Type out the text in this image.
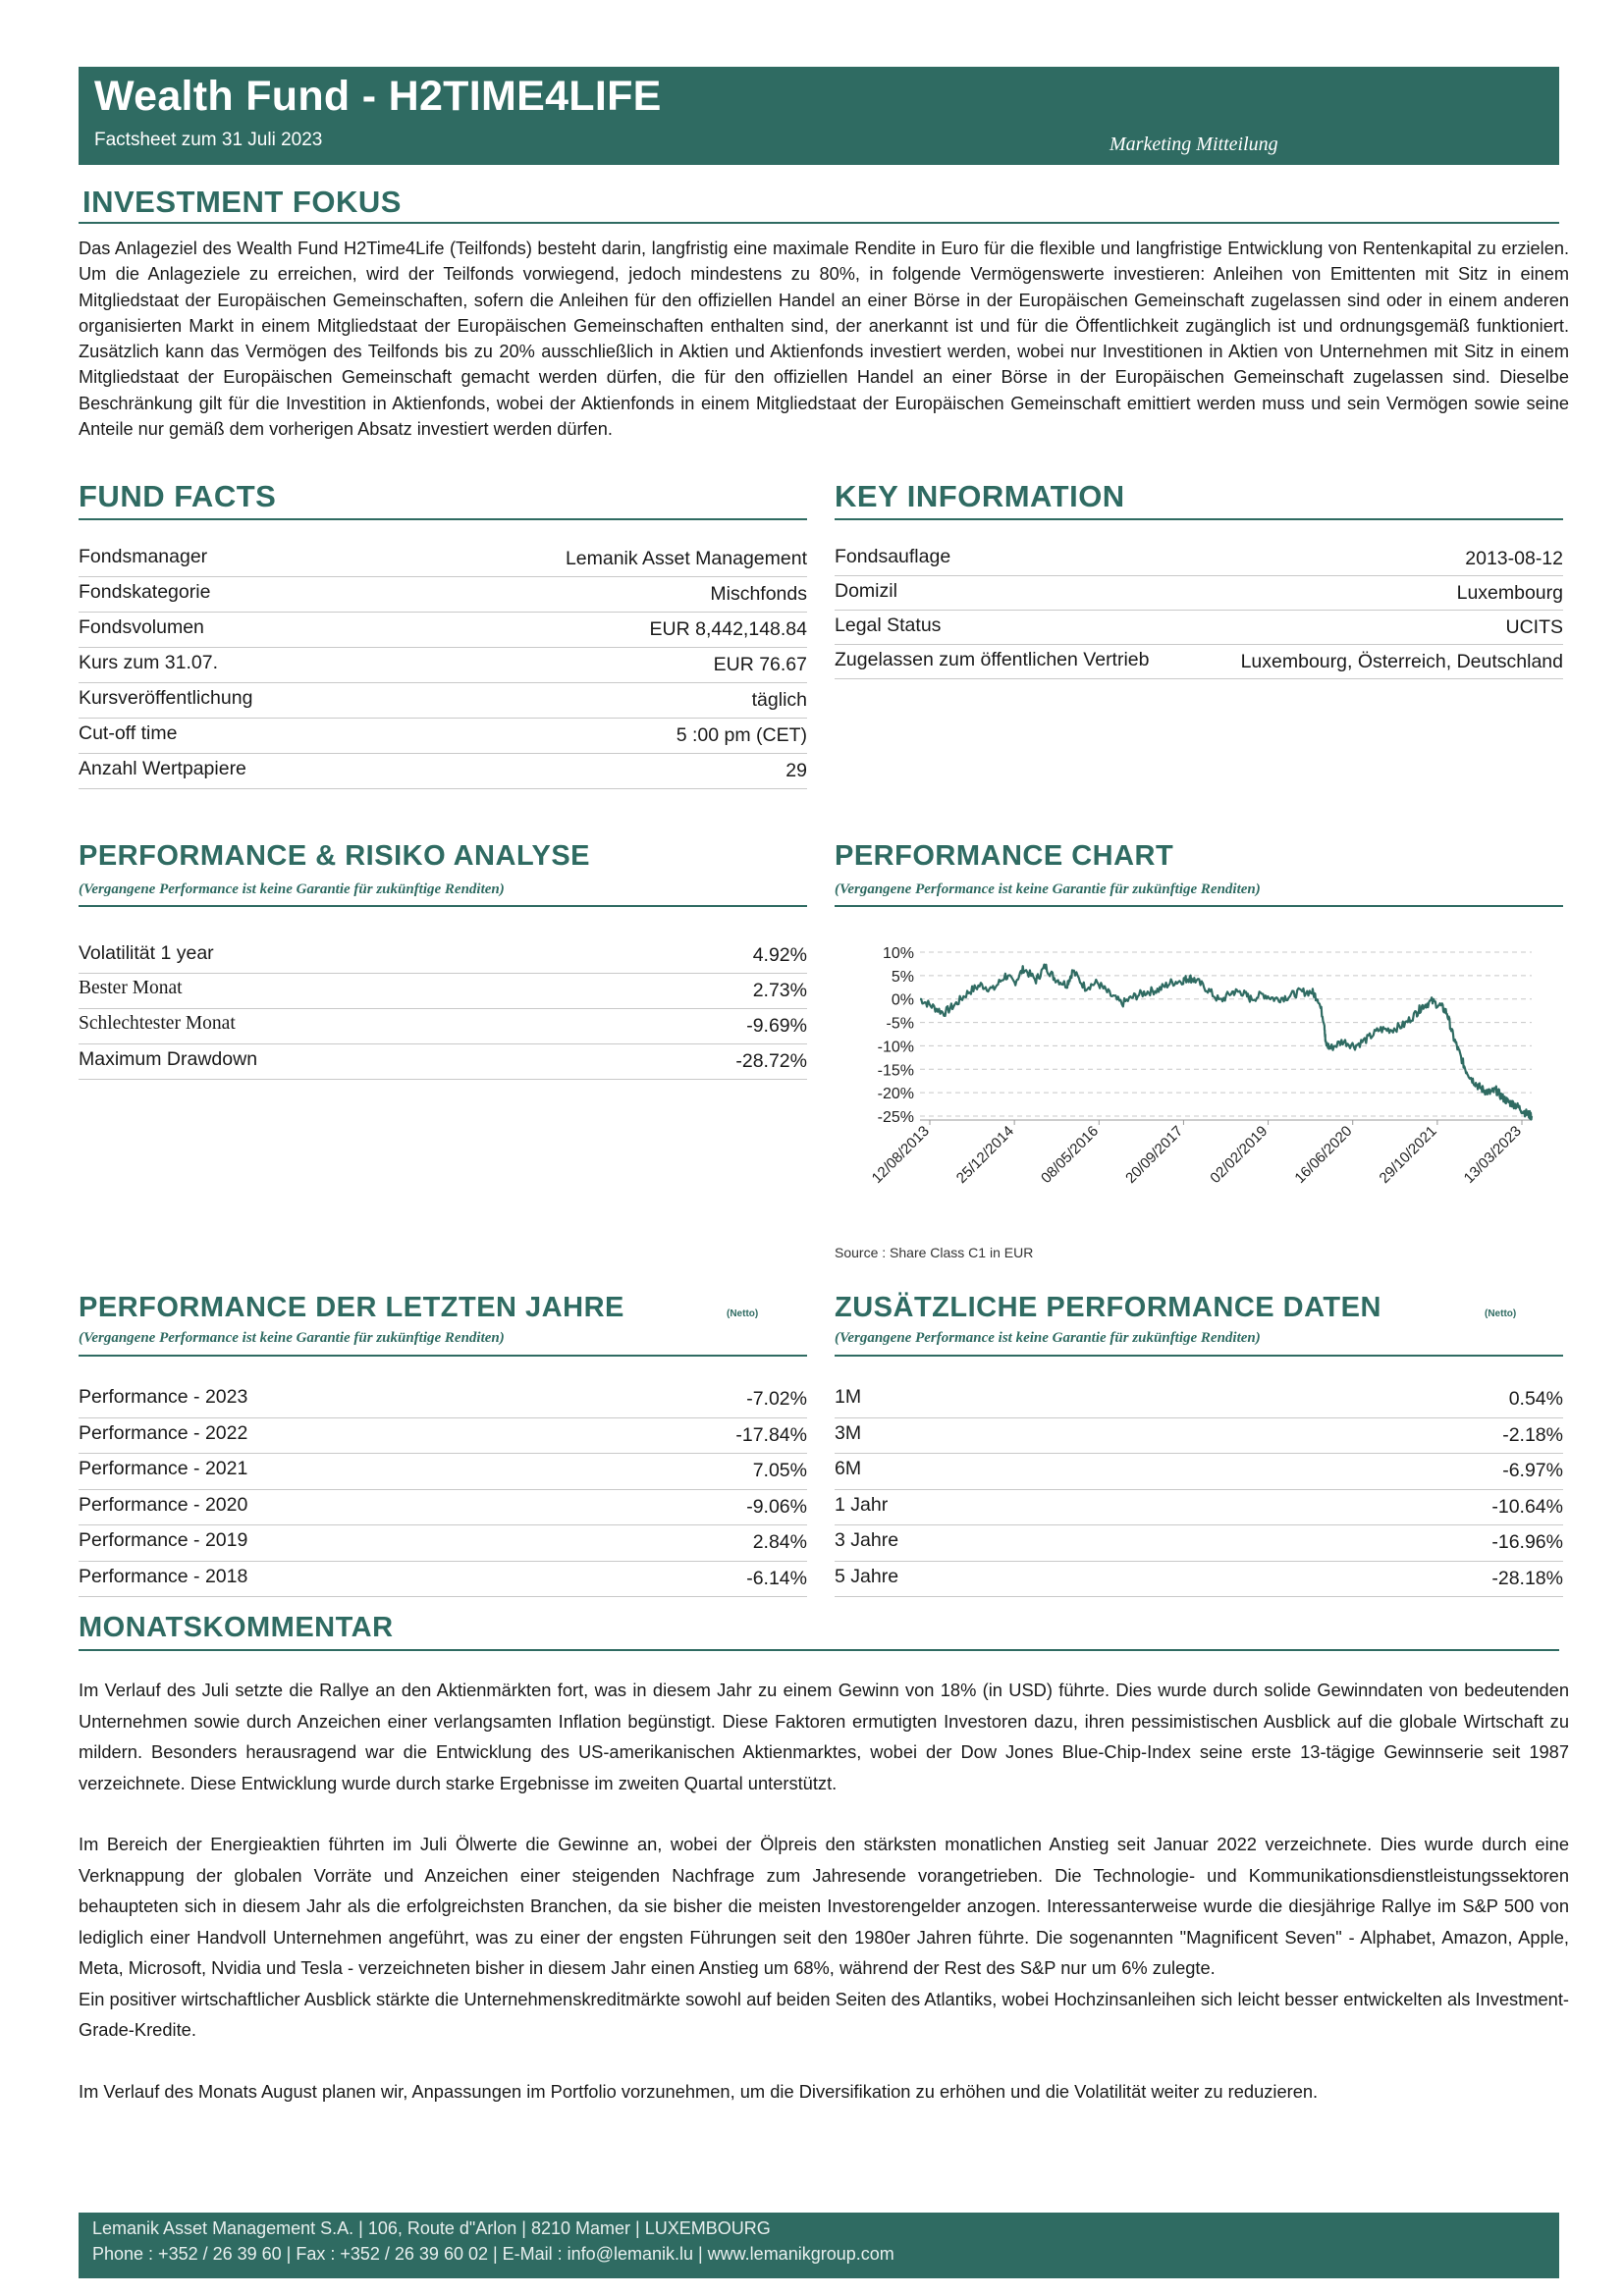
Wealth Fund - H2TIME4LIFE
Factsheet zum 31 Juli 2023	Marketing Mitteilung
INVESTMENT FOKUS
Das Anlageziel des Wealth Fund H2Time4Life (Teilfonds) besteht darin, langfristig eine maximale Rendite in Euro für die flexible und langfristige Entwicklung von Rentenkapital zu erzielen. Um die Anlageziele zu erreichen, wird der Teilfonds vorwiegend, jedoch mindestens zu 80%, in folgende Vermögenswerte investieren: Anleihen von Emittenten mit Sitz in einem Mitgliedstaat der Europäischen Gemeinschaften, sofern die Anleihen für den offiziellen Handel an einer Börse in der Europäischen Gemeinschaft zugelassen sind oder in einem anderen organisierten Markt in einem Mitgliedstaat der Europäischen Gemeinschaften enthalten sind, der anerkannt ist und für die Öffentlichkeit zugänglich ist und ordnungsgemäß funktioniert. Zusätzlich kann das Vermögen des Teilfonds bis zu 20% ausschließlich in Aktien und Aktienfonds investiert werden, wobei nur Investitionen in Aktien von Unternehmen mit Sitz in einem Mitgliedstaat der Europäischen Gemeinschaft gemacht werden dürfen, die für den offiziellen Handel an einer Börse in der Europäischen Gemeinschaft zugelassen sind. Dieselbe Beschränkung gilt für die Investition in Aktienfonds, wobei der Aktienfonds in einem Mitgliedstaat der Europäischen Gemeinschaft emittiert werden muss und sein Vermögen sowie seine Anteile nur gemäß dem vorherigen Absatz investiert werden dürfen.
FUND FACTS
Fondsmanager	Lemanik Asset Management
Fondskategorie	Mischfonds
Fondsvolumen	EUR 8,442,148.84
Kurs zum 31.07.	EUR 76.67
Kursveröffentlichung	täglich
Cut-off time	5 :00 pm (CET)
Anzahl Wertpapiere	29
KEY INFORMATION
Fondsauflage	2013-08-12
Domizil	Luxembourg
Legal Status	UCITS
Zugelassen zum öffentlichen Vertrieb	Luxembourg, Österreich, Deutschland
PERFORMANCE & RISIKO ANALYSE
(Vergangene Performance ist keine Garantie für zukünftige Renditen)
Volatilität 1 year	4.92%
Bester Monat	2.73%
Schlechtester Monat	-9.69%
Maximum Drawdown	-28.72%
PERFORMANCE CHART
(Vergangene Performance ist keine Garantie für zukünftige Renditen)
10%
5%
0%
-5%
-10%
-15%
-20%
-25%
12/08/2013 25/12/2014 08/05/2016 20/09/2017 02/02/2019 16/06/2020 29/10/2021 13/03/2023
Source : Share Class C1 in EUR
PERFORMANCE DER LETZTEN JAHRE	(Netto)
(Vergangene Performance ist keine Garantie für zukünftige Renditen)
Performance - 2023	-7.02%
Performance - 2022	-17.84%
Performance - 2021	7.05%
Performance - 2020	-9.06%
Performance - 2019	2.84%
Performance - 2018	-6.14%
ZUSÄTZLICHE PERFORMANCE DATEN	(Netto)
(Vergangene Performance ist keine Garantie für zukünftige Renditen)
1M	0.54%
3M	-2.18%
6M	-6.97%
1 Jahr	-10.64%
3 Jahre	-16.96%
5 Jahre	-28.18%
MONATSKOMMENTAR

Im Verlauf des Juli setzte die Rallye an den Aktienmärkten fort, was in diesem Jahr zu einem Gewinn von 18% (in USD) führte. Dies wurde durch solide Gewinndaten von bedeutenden Unternehmen sowie durch Anzeichen einer verlangsamten Inflation begünstigt. Diese Faktoren ermutigten Investoren dazu, ihren pessimistischen Ausblick auf die globale Wirtschaft zu mildern. Besonders herausragend war die Entwicklung des US-amerikanischen Aktienmarktes, wobei der Dow Jones Blue-Chip-Index seine erste 13-tägige Gewinnserie seit 1987 verzeichnete. Diese Entwicklung wurde durch starke Ergebnisse im zweiten Quartal unterstützt.

Im Bereich der Energieaktien führten im Juli Ölwerte die Gewinne an, wobei der Ölpreis den stärksten monatlichen Anstieg seit Januar 2022 verzeichnete. Dies wurde durch eine Verknappung der globalen Vorräte und Anzeichen einer steigenden Nachfrage zum Jahresende vorangetrieben. Die Technologie- und Kommunikationsdienstleistungssektoren behaupteten sich in diesem Jahr als die erfolgreichsten Branchen, da sie bisher die meisten Investorengelder anzogen. Interessanterweise wurde die diesjährige Rallye im S&P 500 von lediglich einer Handvoll Unternehmen angeführt, was zu einer der engsten Führungen seit den 1980er Jahren führte. Die sogenannten "Magnificent Seven" - Alphabet, Amazon, Apple, Meta, Microsoft, Nvidia und Tesla - verzeichneten bisher in diesem Jahr einen Anstieg um 68%, während der Rest des S&P nur um 6% zulegte.

Ein positiver wirtschaftlicher Ausblick stärkte die Unternehmenskreditmärkte sowohl auf beiden Seiten des Atlantiks, wobei Hochzinsanleihen sich leicht besser entwickelten als Investment-Grade-Kredite.

Im Verlauf des Monats August planen wir, Anpassungen im Portfolio vorzunehmen, um die Diversifikation zu erhöhen und die Volatilität weiter zu reduzieren.

Lemanik Asset Management S.A. | 106, Route d"Arlon | 8210 Mamer | LUXEMBOURG
Phone : +352 / 26 39 60 | Fax : +352 / 26 39 60 02 | E-Mail : info@lemanik.lu | www.lemanikgroup.com
